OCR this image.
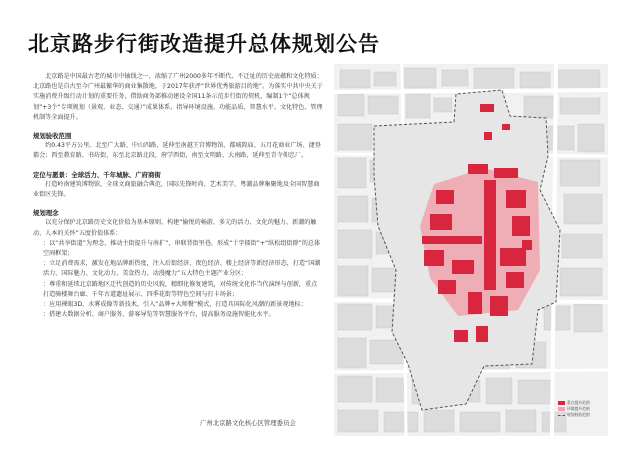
北京路步行街改造提升总体规划公告

北京路是中国最古老的城市中轴线之一，浓缩了广州2000多年不断代、不迁址的历史底蕴和文化特质；北京路也是自古至今广州最繁华的商业集散地，于2017年获评“世界优秀旅游目的地”。为落实中共中央关于实施消费升级行动计划的重要任务，借助商务部推动建设全国11条示范步行街的契机，编制1个“总体规划”+3个“专项规划（景观、业态、交通）”成果体系，指导环境设施、功能品质、智慧水平、文化特色、管理机制等全面提升。

规划验收范围

约0.43平方公里。北至广大路、中山四路，延伸至南越王宫博物馆、都城隍庙、五月花商业广场、捷登都会；西至教育路、书坊街，东至北京路北段，府学西街，南至文明路、大南路，延伸至青寺仰忠厂。

定位与愿景：全球活力、千年城脉、广府商街

打造岭南建筑博物馆，全球文商旅融合典范，国际先锋时尚、艺术美学、粤潮品牌集聚地及全国智慧商业街区先锋。

规划理念

以充分保护北京路历史文化价值为基本原则，构建“愉悦的畅游、多元的活力、文化的魅力、新潮的触动、人本的关怀”五度价值体系：

：以“共享街道”为理念，推动主街提升与南扩”，串联背街里巷，形成“十字擂街”+“纵松组街群”的总体空间框架；

：立足消费需求，激发在地品牌新热度，注入后街经济、夜色经济、楼上经济等新经济形态，打造“国潮活力、国际魅力、文化动力、美食热力、动漫魔力”五大特色主题产业分区；

：尊重和延续北京路地区迁代创造的历史风貌，精细化修复建筑，对传统文化作当代演绎与创新，重点打造骑楼舞台廊、千年古道遗址展示、四季花街等特色空间与打卡场景；

：应用裸眼3D、水雾成像等新技术，引入“品牌+大师餐”模式，打造具国际化风潮的新景观地标；

：搭建大数据分析、商户服务、游客导览等智慧服务平台，提高服务设施智能化水平。

广州北京路文化核心区管理委员会
重点提升范围
环境提升范围
规划验收范围
